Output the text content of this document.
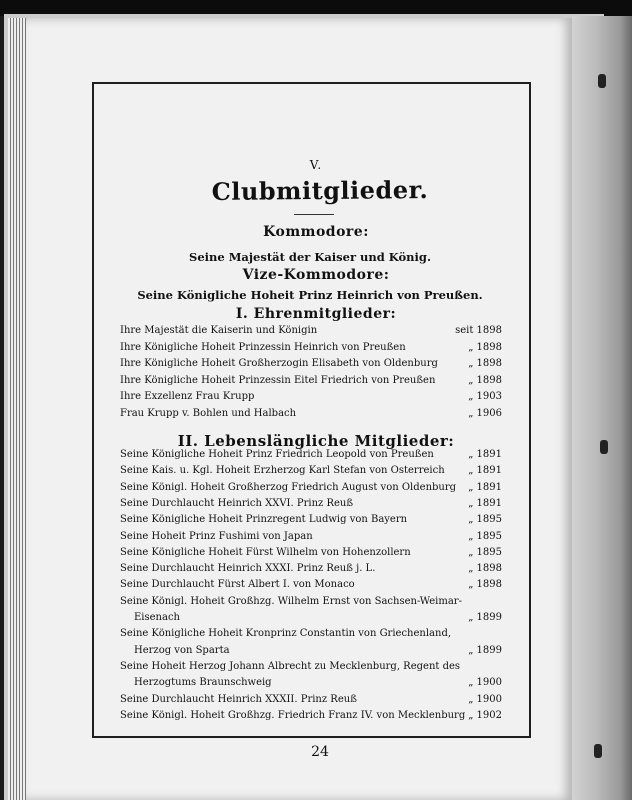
V.
Clubmitglieder.
Kommodore:
Seine Majestät der Kaiser und König.
Vize-Kommodore:
Seine Königliche Hoheit Prinz Heinrich von Preußen.
I. Ehrenmitglieder:
Ihre Majestät die Kaiserin und Königin	seit 1898
Ihre Königliche Hoheit Prinzessin Heinrich von Preußen	„ 1898
Ihre Königliche Hoheit Großherzogin Elisabeth von Oldenburg	„ 1898
Ihre Königliche Hoheit Prinzessin Eitel Friedrich von Preußen	„ 1898
Ihre Exzellenz Frau Krupp	„ 1903
Frau Krupp v. Bohlen und Halbach	„ 1906
II. Lebenslängliche Mitglieder:
Seine Königliche Hoheit Prinz Friedrich Leopold von Preußen	„ 1891
Seine Kais. u. Kgl. Hoheit Erzherzog Karl Stefan von Österreich „ 1891
Seine Königl. Hoheit Großherzog Friedrich August von Oldenburg „ 1891
Seine Durchlaucht Heinrich XXVI. Prinz Reuß	„ 1891
Seine Königliche Hoheit Prinzregent Ludwig von Bayern	„ 1895
Seine Hoheit Prinz Fushimi von Japan	„ 1895
Seine Königliche Hoheit Fürst Wilhelm von Hohenzollern	„ 1895
Seine Durchlaucht Heinrich XXXI. Prinz Reuß j. L.	„ 1898
Seine Durchlaucht Fürst Albert I. von Monaco	„ 1898
Seine Königl. Hoheit Großhzg. Wilhelm Ernst von Sachsen-Weimar-
Eisenach	„ 1899
Seine Königliche Hoheit Kronprinz Constantin von Griechenland,
Herzog von Sparta	„ 1899
Seine Hoheit Herzog Johann Albrecht zu Mecklenburg, Regent des
Herzogtums Braunschweig	„ 1900
Seine Durchlaucht Heinrich XXXII. Prinz Reuß	„ 1900
Seine Königl. Hoheit Großhzg. Friedrich Franz IV. von Mecklenburg „ 1902
24
